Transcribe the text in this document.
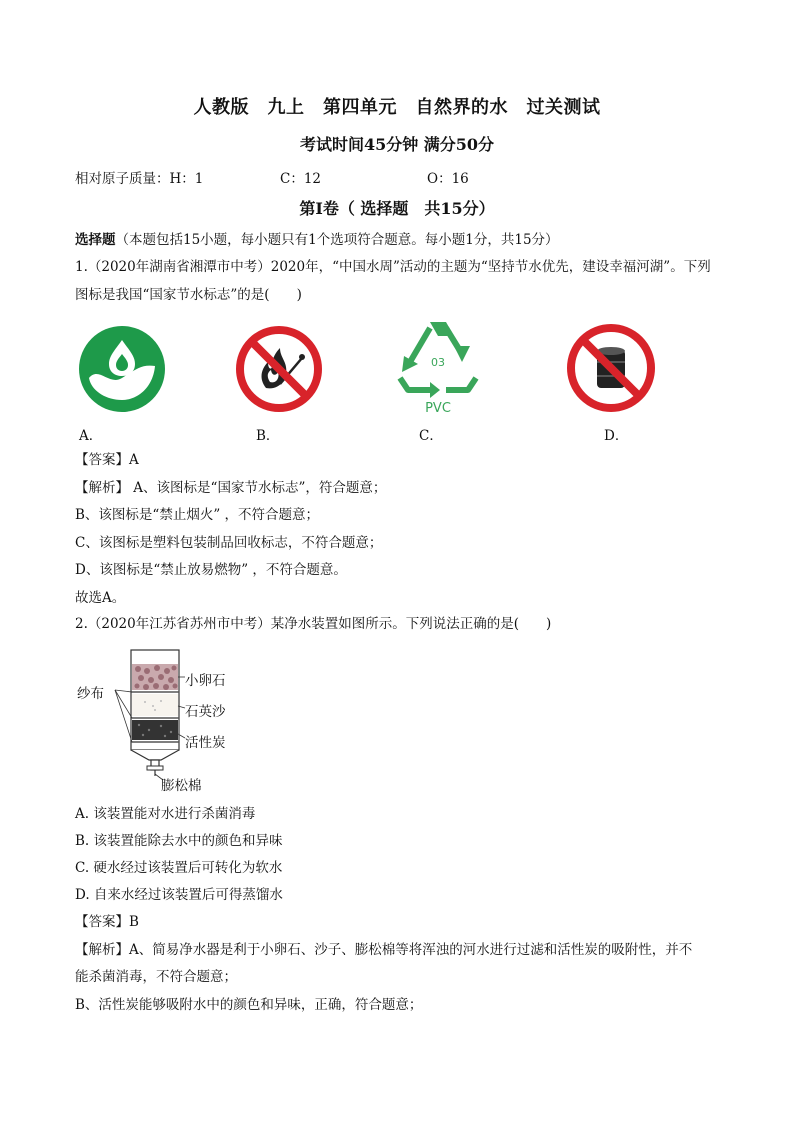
人教版　九上　第四单元　自然界的水　过关测试
考试时间45分钟 满分50分
相对原子质量：H：1	C：12	O：16
第Ⅰ卷（ 选择题　共15分）
选择题（本题包括15小题，每小题只有1个选项符合题意。每小题1分，共15分）
1.（2020年湖南省湘潭市中考）2020年，“中国水周”活动的主题为“坚持节水优先，建设幸福河湖”。下列
图标是我国“国家节水标志”的是(　　)
A．	B．
03
PVC
C．	D．
【答案】A
【解析】 A、该图标是“国家节水标志”，符合题意；
B、该图标是“禁止烟火” ，不符合题意；
C、该图标是塑料包装制品回收标志，不符合题意；
D、该图标是“禁止放易燃物” ，不符合题意。
故选A。
2.（2020年江苏省苏州市中考）某净水装置如图所示。下列说法正确的是(　　)
纱布
小卵石
石英沙
活性炭
膨松棉
A. 该装置能对水进行杀菌消毒
B. 该装置能除去水中的颜色和异味
C. 硬水经过该装置后可转化为软水
D. 自来水经过该装置后可得蒸馏水
【答案】B
【解析】A、简易净水器是利于小卵石、沙子、膨松棉等将浑浊的河水进行过滤和活性炭的吸附性，并不
能杀菌消毒，不符合题意；
B、活性炭能够吸附水中的颜色和异味，正确，符合题意；
